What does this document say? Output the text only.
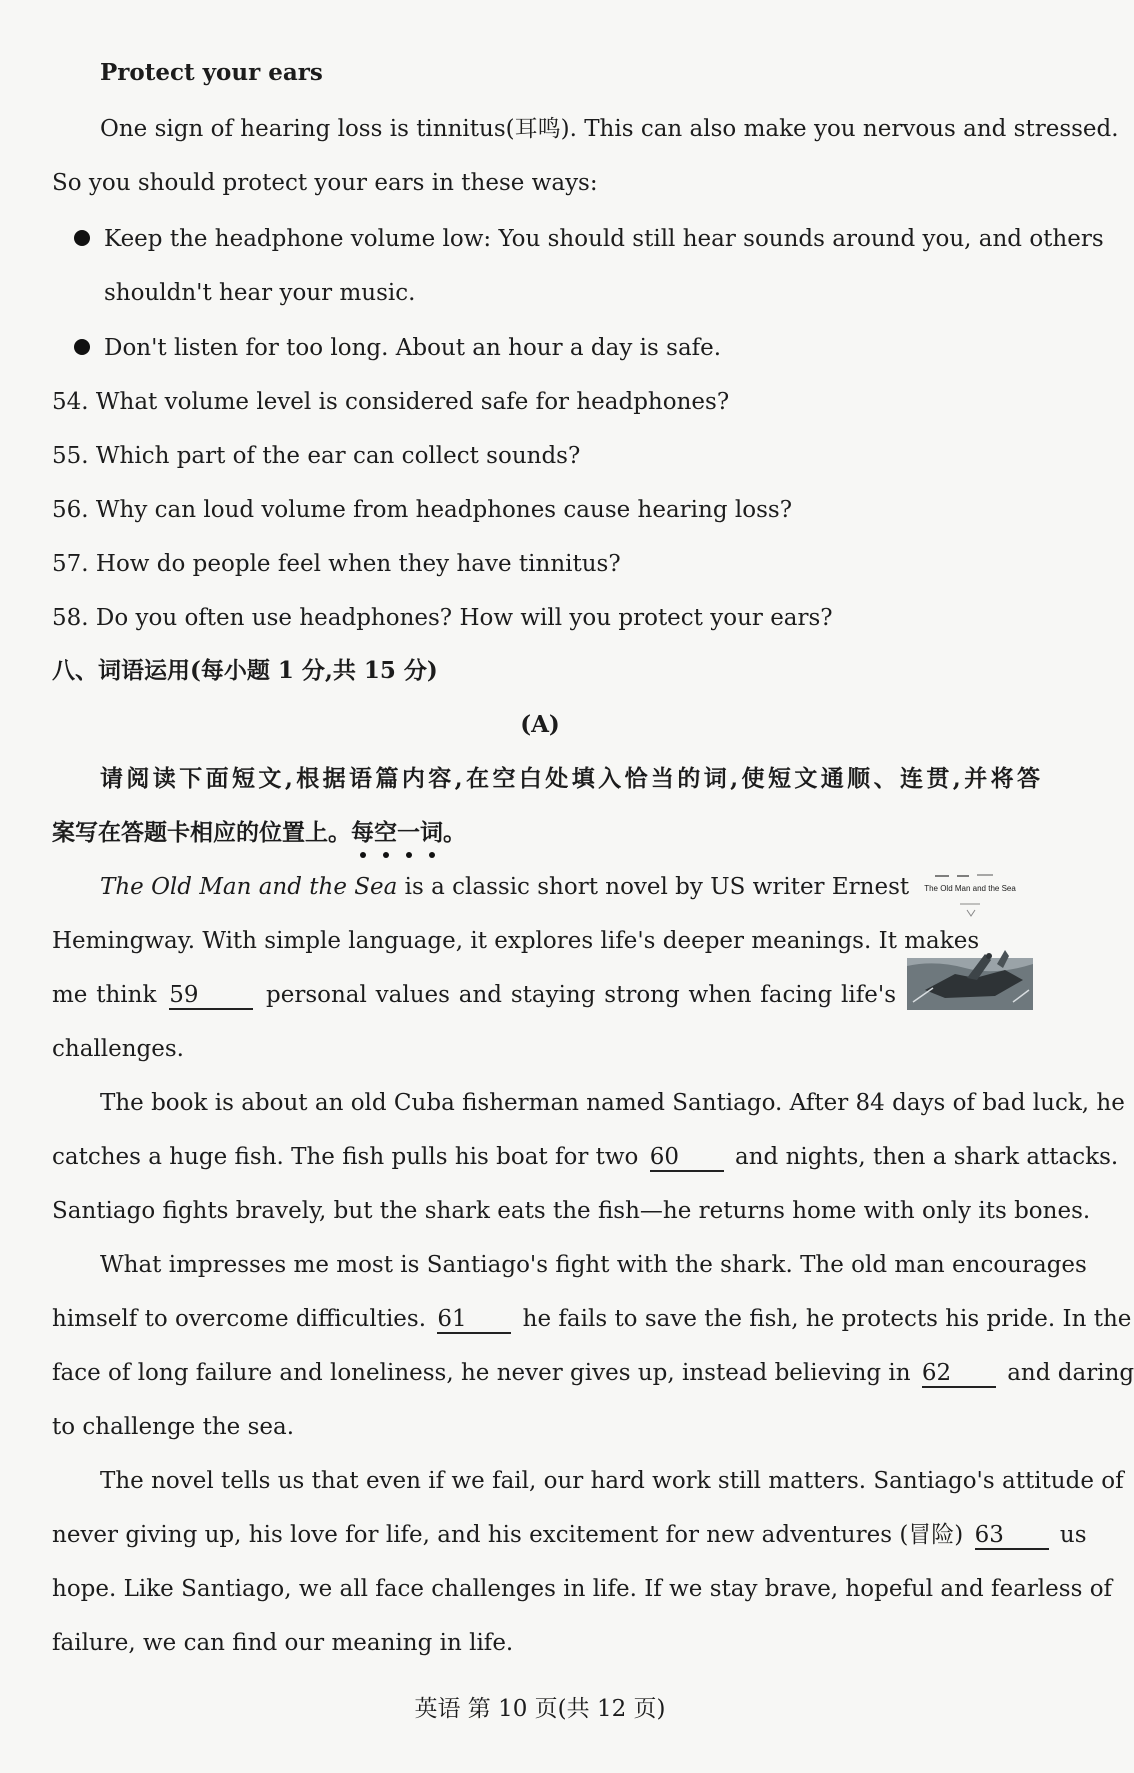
Protect your ears
One sign of hearing loss is tinnitus(耳鸣). This can also make you nervous and stressed.
So you should protect your ears in these ways:
Keep the headphone volume low: You should still hear sounds around you, and others
shouldn't hear your music.
Don't listen for too long. About an hour a day is safe.
54. What volume level is considered safe for headphones?
55. Which part of the ear can collect sounds?
56. Why can loud volume from headphones cause hearing loss?
57. How do people feel when they have tinnitus?
58. Do you often use headphones? How will you protect your ears?
八、词语运用(每小题 1 分,共 15 分)
(A)
请阅读下面短文,根据语篇内容,在空白处填入恰当的词,使短文通顺、连贯,并将答
案写在答题卡相应的位置上。每空一词。
The Old Man and the Sea
The Old Man and the Sea is a classic short novel by US writer Ernest
Hemingway. With simple language, it explores life's deeper meanings. It makes
me think 59	personal values and staying strong when facing life's
challenges.
The book is about an old Cuba fisherman named Santiago. After 84 days of bad luck, he
catches a huge fish. The fish pulls his boat for two 60 and nights, then a shark attacks.
Santiago fights bravely, but the shark eats the fish—he returns home with only its bones.
What impresses me most is Santiago's fight with the shark. The old man encourages
himself to overcome difficulties. 61 he fails to save the fish, he protects his pride. In the
face of long failure and loneliness, he never gives up, instead believing in 62 and daring
to challenge the sea.
The novel tells us that even if we fail, our hard work still matters. Santiago's attitude of
never giving up, his love for life, and his excitement for new adventures (冒险) 63 us
hope. Like Santiago, we all face challenges in life. If we stay brave, hopeful and fearless of
failure, we can find our meaning in life.
英语 第 10 页(共 12 页)
